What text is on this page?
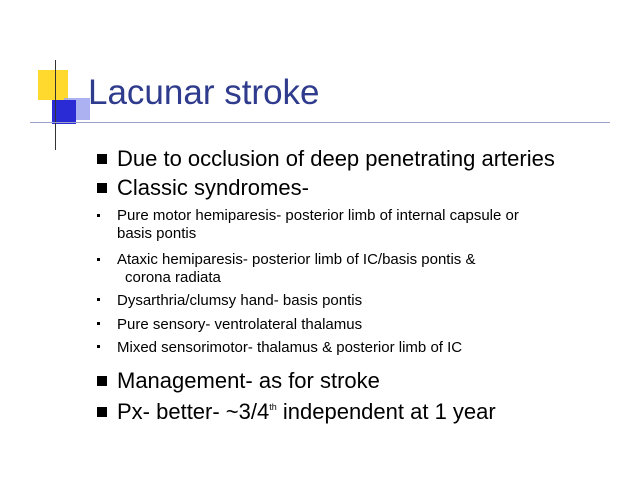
Lacunar stroke
Due to occlusion of deep penetrating arteries
Classic syndromes-
Pure motor hemiparesis- posterior limb of internal capsule or
basis pontis
Ataxic hemiparesis- posterior limb of IC/basis pontis &
corona radiata
Dysarthria/clumsy hand- basis pontis
Pure sensory- ventrolateral thalamus
Mixed sensorimotor- thalamus & posterior limb of IC
Management- as for stroke
Px- better- ~3/4th independent at 1 year
